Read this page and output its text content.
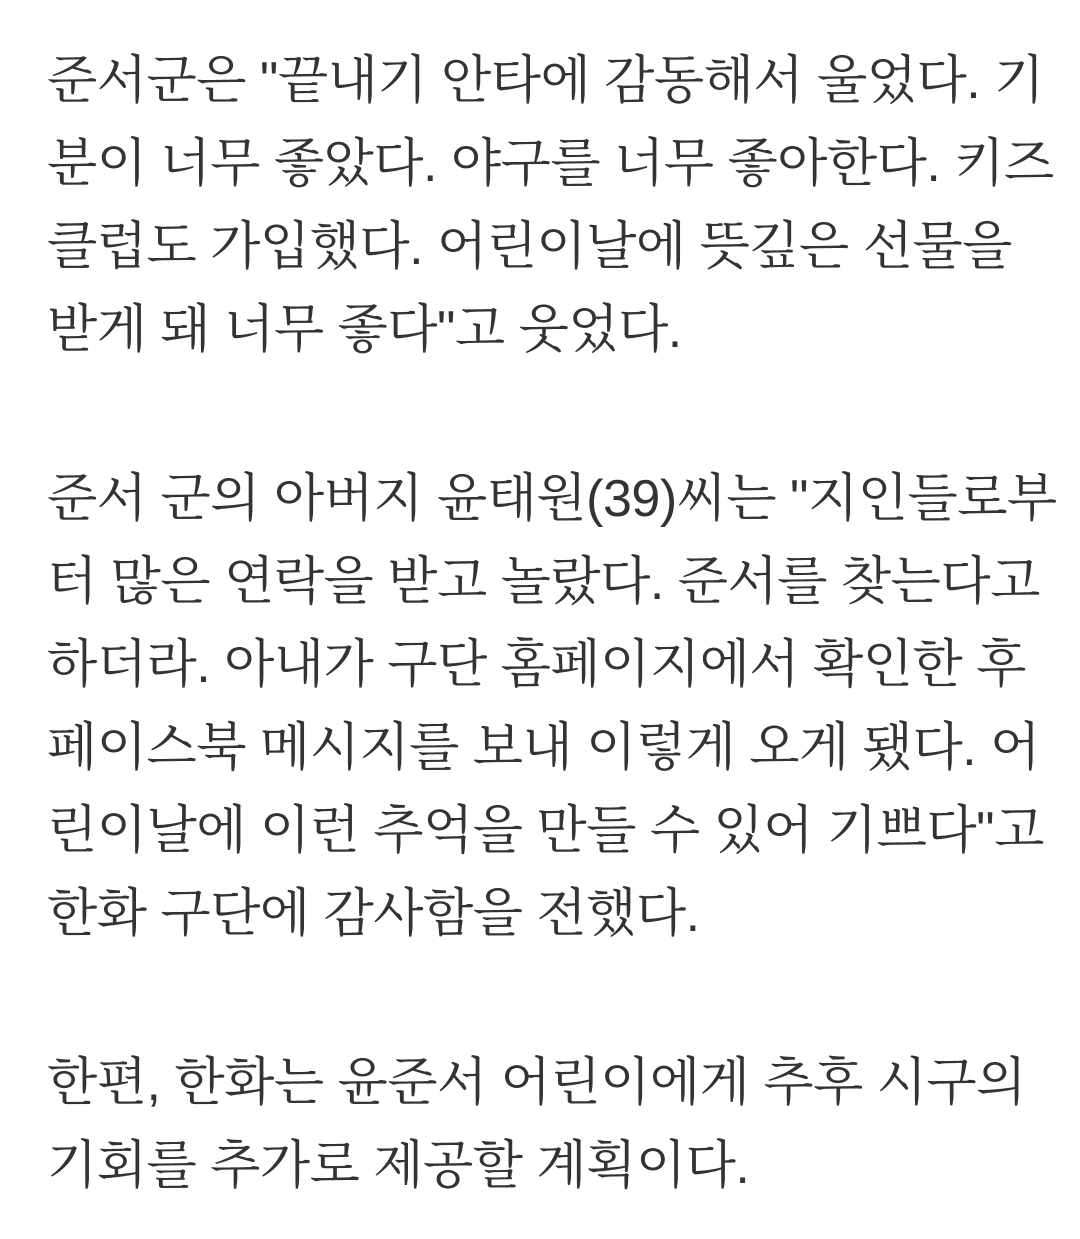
준서군은 "끝내기 안타에 감동해서 울었다. 기
분이 너무 좋았다. 야구를 너무 좋아한다. 키즈
클럽도 가입했다. 어린이날에 뜻깊은 선물을
받게 돼 너무 좋다"고 웃었다.

준서 군의 아버지 윤태원(39)씨는 "지인들로부
터 많은 연락을 받고 놀랐다. 준서를 찾는다고
하더라. 아내가 구단 홈페이지에서 확인한 후
페이스북 메시지를 보내 이렇게 오게 됐다. 어
린이날에 이런 추억을 만들 수 있어 기쁘다"고
한화 구단에 감사함을 전했다.

한편, 한화는 윤준서 어린이에게 추후 시구의
기회를 추가로 제공할 계획이다.
